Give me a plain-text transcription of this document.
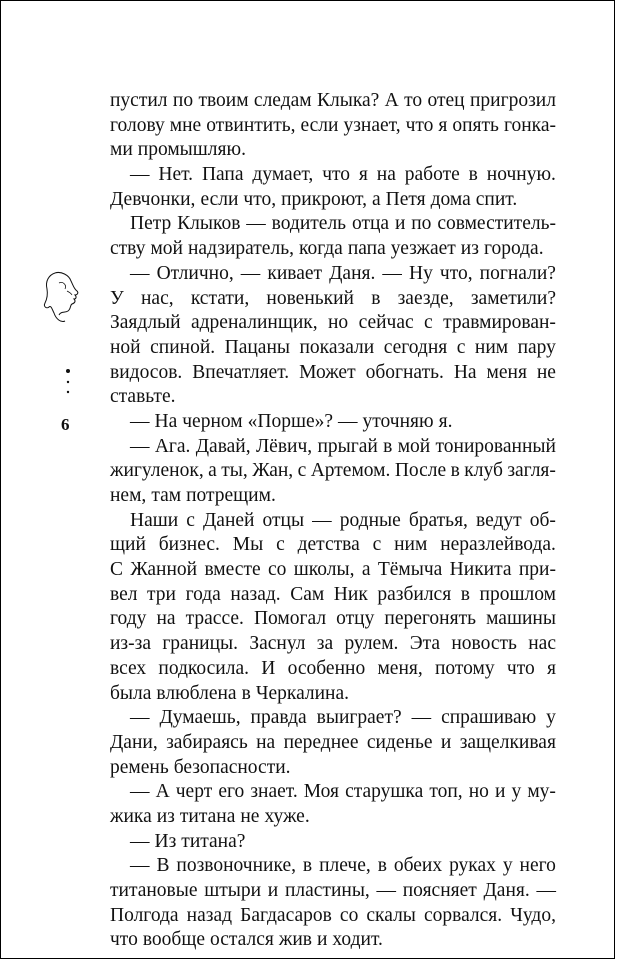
6
пустил по твоим следам Клыка? А то отец пригрозил
голову мне отвинтить, если узнает, что я опять гонка-
ми промышляю.
— Нет. Папа думает, что я на работе в ночную.
Девчонки, если что, прикроют, а Петя дома спит.
Петр Клыков — водитель отца и по совместитель-
ству мой надзиратель, когда папа уезжает из города.
— Отлично, — кивает Даня. — Ну что, погнали?
У нас, кстати, новенький в заезде, заметили?
Заядлый адреналинщик, но сейчас с травмирован-
ной спиной. Пацаны показали сегодня с ним пару
видосов. Впечатляет. Может обогнать. На меня не
ставьте.
— На черном «Порше»? — уточняю я.
— Ага. Давай, Лёвич, прыгай в мой тонированный
жигуленок, а ты, Жан, с Артемом. После в клуб загля-
нем, там потрещим.
Наши с Даней отцы — родные братья, ведут об-
щий бизнес. Мы с детства с ним неразлейвода.
С Жанной вместе со школы, а Тёмыча Никита при-
вел три года назад. Сам Ник разбился в прошлом
году на трассе. Помогал отцу перегонять машины
из-за границы. Заснул за рулем. Эта новость нас
всех подкосила. И особенно меня, потому что я
была влюблена в Черкалина.
— Думаешь, правда выиграет? — спрашиваю у
Дани, забираясь на переднее сиденье и защелкивая
ремень безопасности.
— А черт его знает. Моя старушка топ, но и у му-
жика из титана не хуже.
— Из титана?
— В позвоночнике, в плече, в обеих руках у него
титановые штыри и пластины, — поясняет Даня. —
Полгода назад Багдасаров со скалы сорвался. Чудо,
что вообще остался жив и ходит.
